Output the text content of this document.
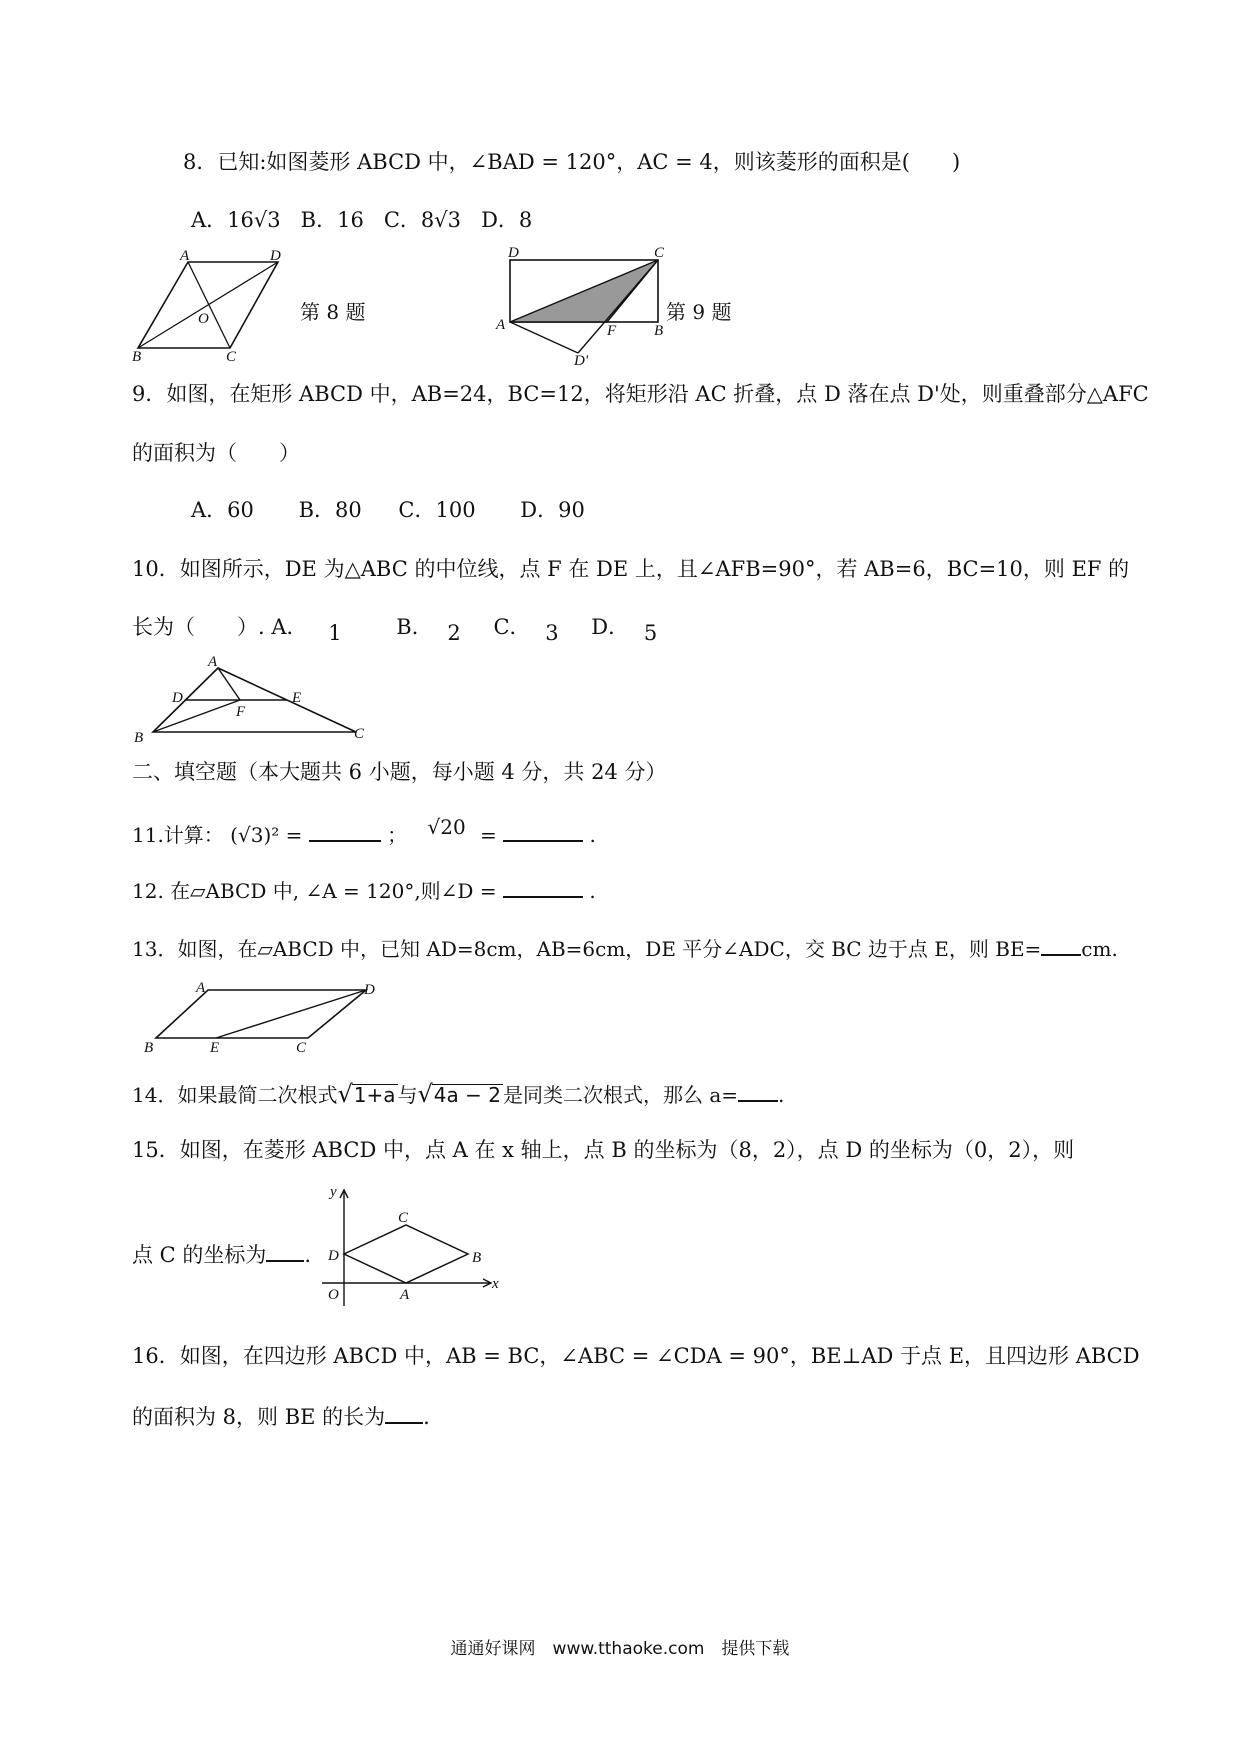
8．已知:如图菱形 ABCD 中，∠BAD = 120°，AC = 4，则该菱形的面积是(　　)
A．16√3 B．16 C．8√3 D．8
A	D
O
B	C
第 8 题
D	C
A	F	B
D'
第 9 题
9．如图，在矩形 ABCD 中，AB=24，BC=12，将矩形沿 AC 折叠，点 D 落在点 D'处，则重叠部分△AFC
的面积为（　　）
A．60 B．80 C．100 D．90
10．如图所示，DE 为△ABC 的中位线，点 F 在 DE 上，且∠AFB=90°，若 AB=6，BC=10，则 EF 的
长为（　　）. A． 1	B． 2 C． 3 D． 5
A
D	E
F
B	C
二、填空题（本大题共 6 小题，每小题 4 分，共 24 分）
11.计算： (√3)² =	； √20 =	.
12. 在▱ABCD 中, ∠A = 120°,则∠D =	.
13．如图，在▱ABCD 中，已知 AD=8cm，AB=6cm，DE 平分∠ADC，交 BC 边于点 E，则 BE= cm.
A	D
B	E	C
14．如果最简二次根式√1+a 与√4a − 2 是同类二次根式，那么 a= .
15．如图，在菱形 ABCD 中，点 A 在 x 轴上，点 B 的坐标为（8，2），点 D 的坐标为（0，2），则
点 C 的坐标为 .
y
C
D	B
O	A
x
16．如图，在四边形 ABCD 中，AB = BC，∠ABC = ∠CDA = 90°，BE⊥AD 于点 E，且四边形 ABCD
的面积为 8，则 BE 的长为 .
通通好课网　www.tthaoke.com　提供下载
